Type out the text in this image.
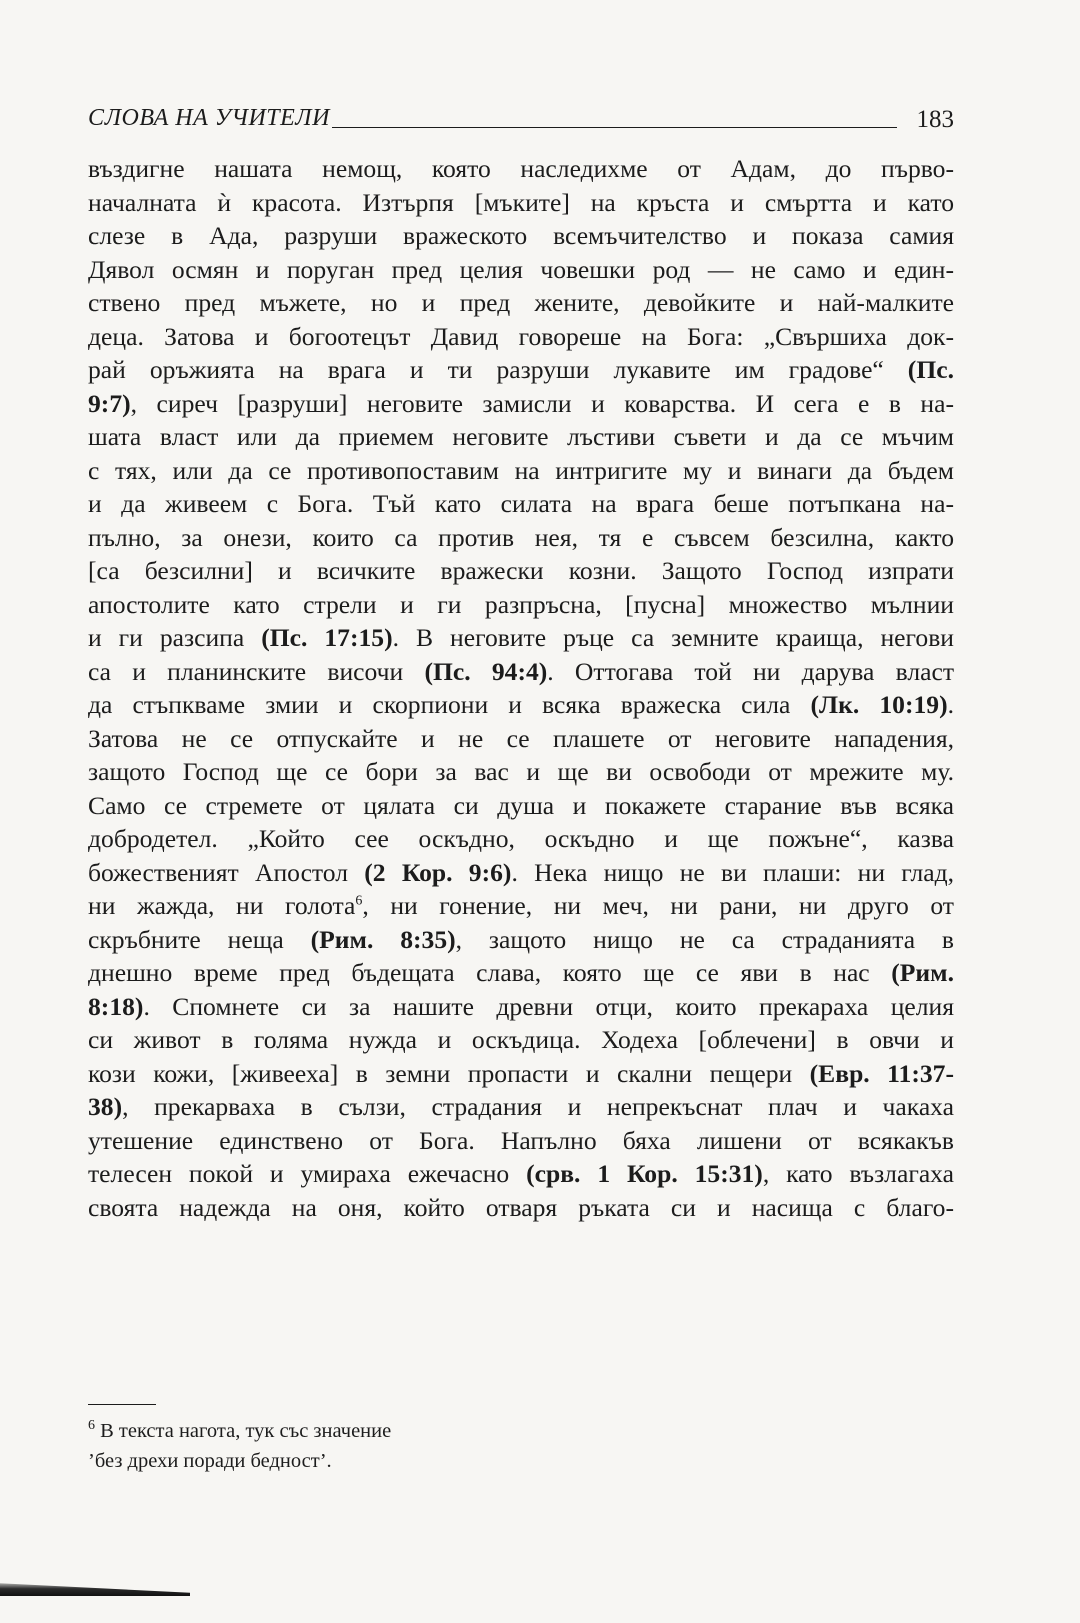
СЛОВА НА УЧИТЕЛИ	183
въздигне нашата немощ, която наследихме от Адам, до първо-
началната ѝ красота. Изтърпя [мъките] на кръста и смъртта и като
слезе в Ада, разруши вражеското всемъчителство и показа самия
Дявол осмян и поруган пред целия човешки род — не само и един-
ствено пред мъжете, но и пред жените, девойките и най-малките
деца. Затова и богоотецът Давид говореше на Бога: „Свършиха док-
рай оръжията на врага и ти разруши лукавите им градове“ (Пс.
9:7), сиреч [разруши] неговите замисли и коварства. И сега е в на-
шата власт или да приемем неговите лъстиви съвети и да се мъчим
с тях, или да се противопоставим на интригите му и винаги да бъдем
и да живеем с Бога. Тъй като силата на врага беше потъпкана на-
пълно, за онези, които са против нея, тя е съвсем безсилна, както
[са безсилни] и всичките вражески козни. Защото Господ изпрати
апостолите като стрели и ги разпръсна, [пусна] множество мълнии
и ги разсипа (Пс. 17:15). В неговите ръце са земните краища, негови
са и планинските височи (Пс. 94:4). Оттогава той ни дарува власт
да стъпкваме змии и скорпиони и всяка вражеска сила (Лк. 10:19).
Затова не се отпускайте и не се плашете от неговите нападения,
защото Господ ще се бори за вас и ще ви освободи от мрежите му.
Само се стремете от цялата си душа и покажете старание във всяка
добродетел. „Който сее оскъдно, оскъдно и ще пожъне“, казва
божественият Апостол (2 Кор. 9:6). Нека нищо не ви плаши: ни глад,
ни жажда, ни голота$^6$, ни гонение, ни меч, ни рани, ни друго от
скръбните неща (Рим. 8:35), защото нищо не са страданията в
днешно време пред бъдещата слава, която ще се яви в нас (Рим.
8:18). Спомнете си за нашите древни отци, които прекараха целия
си живот в голяма нужда и оскъдица. Ходеха [облечени] в овчи и
кози кожи, [живееха] в земни пропасти и скални пещери (Евр. 11:37-
38), прекарваха в сълзи, страдания и непрекъснат плач и чакаха
утешение единствено от Бога. Напълно бяха лишени от всякакъв
телесен покой и умираха ежечасно (срв. 1 Кор. 15:31), като възлагаха
своята надежда на оня, който отваря ръката си и насища с благо-
$^6$ В текста нагота, тук със значение
’без дрехи поради бедност’.
